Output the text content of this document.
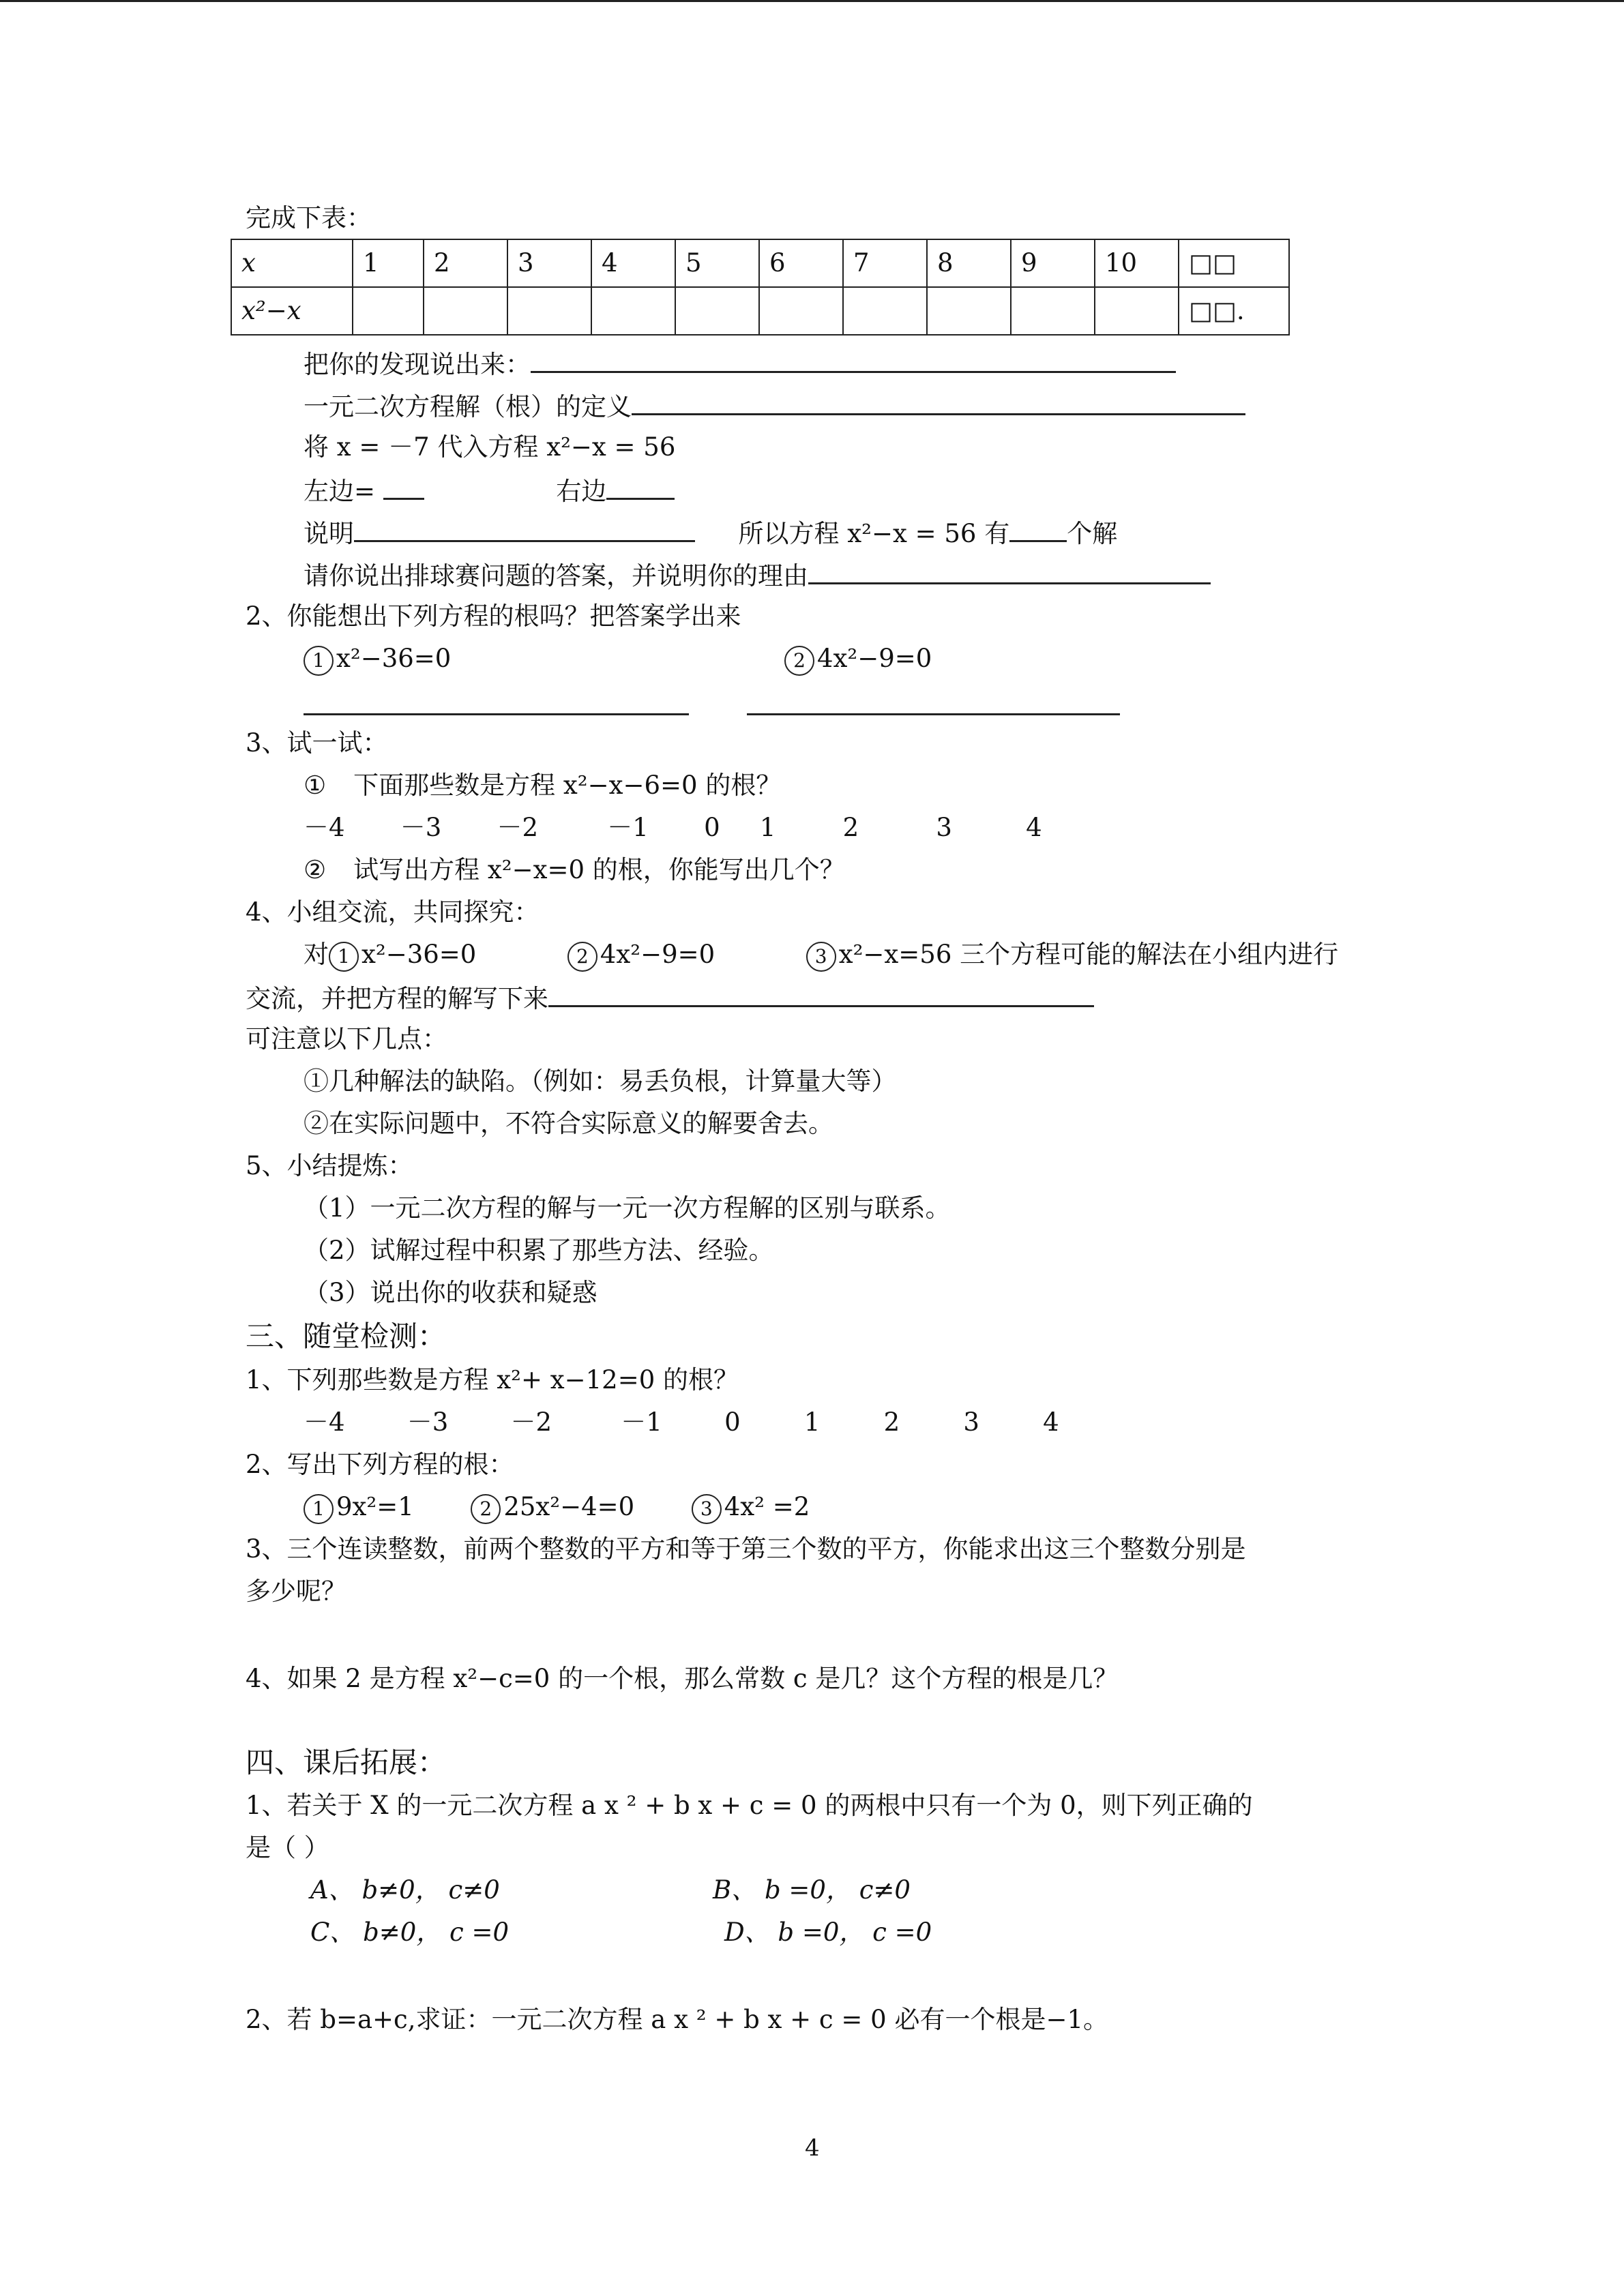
完成下表：
x	1	2	3	4	5	6	7	8	9	10	□□
x²−x											□□.
把你的发现说出来：
一元二次方程解（根）的定义
将 x = －7 代入方程 x²−x = 56
左边=	右边
说明	所以方程 x²−x = 56 有 个解
请你说出排球赛问题的答案，并说明你的理由
2、你能想出下列方程的根吗？把答案学出来
1 x²−36=0	2 4x²−9=0
3、试一试：
① 下面那些数是方程 x²−x−6=0 的根？
－4 －3 －2	－1 0 1	2	3	4
② 试写出方程 x²−x=0 的根，你能写出几个？
4、小组交流，共同探究：
对 1 x²−36=0	2 4x²−9=0	3 x²−x=56 三个方程可能的解法在小组内进行
交流，并把方程的解写下来
可注意以下几点：
①几种解法的缺陷。（例如：易丢负根，计算量大等）
②在实际问题中，不符合实际意义的解要舍去。
5、小结提炼：
（1）一元二次方程的解与一元一次方程解的区别与联系。
（2）试解过程中积累了那些方法、经验。
（3）说出你的收获和疑惑
三、随堂检测：
1、下列那些数是方程 x²+ x−12=0 的根？
－4 －3 －2	－1 0	1	2	3	4
2、写出下列方程的根：
1 9x²=1	2 25x²−4=0	3 4x² =2
3、三个连读整数，前两个整数的平方和等于第三个数的平方，你能求出这三个整数分别是
多少呢？
4、如果 2 是方程 x²−c=0 的一个根，那么常数 c 是几？这个方程的根是几？
四、课后拓展：
1、若关于 X 的一元二次方程 a x ² + b x + c = 0 的两根中只有一个为 0，则下列正确的
是（ ）
A、 b≠0， c≠0	B、 b =0， c≠0
C、 b≠0， c =0	D、 b =0， c =0
2、若 b=a+c,求证：一元二次方程 a x ² + b x + c = 0 必有一个根是−1。
4
